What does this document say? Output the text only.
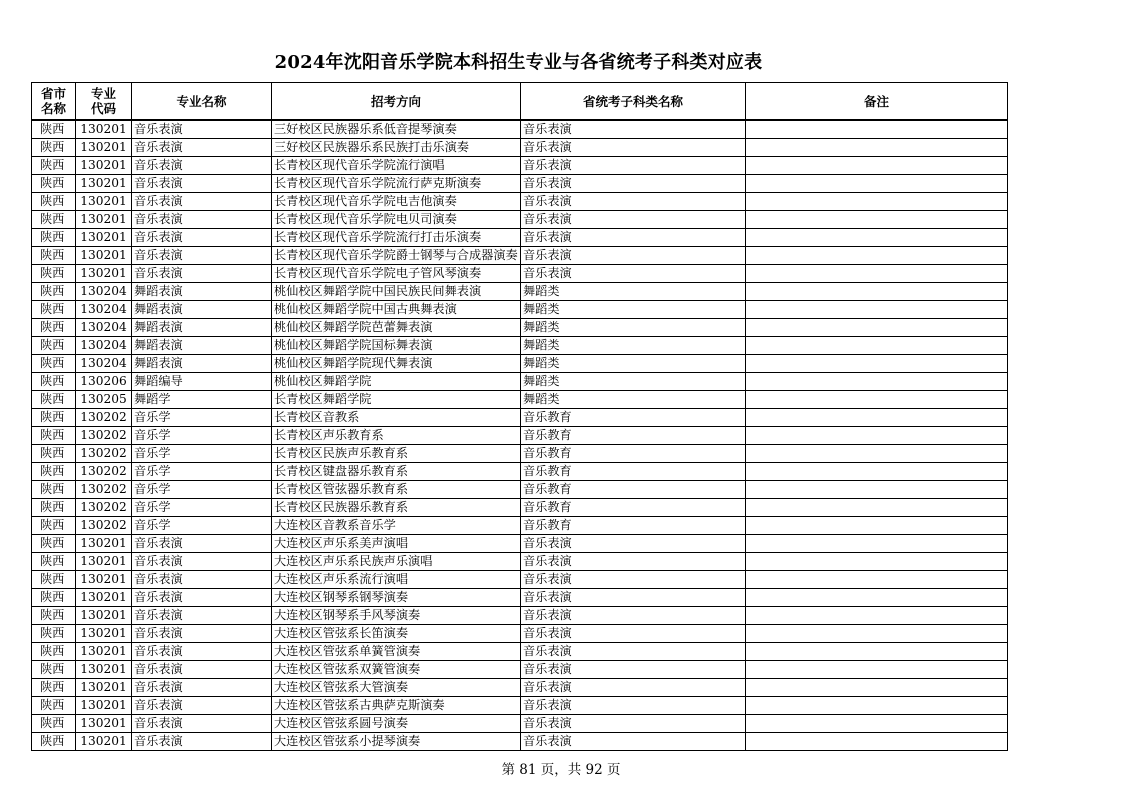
2024年沈阳音乐学院本科招生专业与各省统考子科类对应表
省市名称	专业代码	专业名称	招考方向	省统考子科类名称	备注
陕西	130201	音乐表演	三好校区民族器乐系低音提琴演奏	音乐表演	
陕西	130201	音乐表演	三好校区民族器乐系民族打击乐演奏	音乐表演	
陕西	130201	音乐表演	长青校区现代音乐学院流行演唱	音乐表演	
陕西	130201	音乐表演	长青校区现代音乐学院流行萨克斯演奏	音乐表演	
陕西	130201	音乐表演	长青校区现代音乐学院电吉他演奏	音乐表演	
陕西	130201	音乐表演	长青校区现代音乐学院电贝司演奏	音乐表演	
陕西	130201	音乐表演	长青校区现代音乐学院流行打击乐演奏	音乐表演	
陕西	130201	音乐表演	长青校区现代音乐学院爵士钢琴与合成器演奏	音乐表演	
陕西	130201	音乐表演	长青校区现代音乐学院电子管风琴演奏	音乐表演	
陕西	130204	舞蹈表演	桃仙校区舞蹈学院中国民族民间舞表演	舞蹈类	
陕西	130204	舞蹈表演	桃仙校区舞蹈学院中国古典舞表演	舞蹈类	
陕西	130204	舞蹈表演	桃仙校区舞蹈学院芭蕾舞表演	舞蹈类	
陕西	130204	舞蹈表演	桃仙校区舞蹈学院国标舞表演	舞蹈类	
陕西	130204	舞蹈表演	桃仙校区舞蹈学院现代舞表演	舞蹈类	
陕西	130206	舞蹈编导	桃仙校区舞蹈学院	舞蹈类	
陕西	130205	舞蹈学	长青校区舞蹈学院	舞蹈类	
陕西	130202	音乐学	长青校区音教系	音乐教育	
陕西	130202	音乐学	长青校区声乐教育系	音乐教育	
陕西	130202	音乐学	长青校区民族声乐教育系	音乐教育	
陕西	130202	音乐学	长青校区键盘器乐教育系	音乐教育	
陕西	130202	音乐学	长青校区管弦器乐教育系	音乐教育	
陕西	130202	音乐学	长青校区民族器乐教育系	音乐教育	
陕西	130202	音乐学	大连校区音教系音乐学	音乐教育	
陕西	130201	音乐表演	大连校区声乐系美声演唱	音乐表演	
陕西	130201	音乐表演	大连校区声乐系民族声乐演唱	音乐表演	
陕西	130201	音乐表演	大连校区声乐系流行演唱	音乐表演	
陕西	130201	音乐表演	大连校区钢琴系钢琴演奏	音乐表演	
陕西	130201	音乐表演	大连校区钢琴系手风琴演奏	音乐表演	
陕西	130201	音乐表演	大连校区管弦系长笛演奏	音乐表演	
陕西	130201	音乐表演	大连校区管弦系单簧管演奏	音乐表演	
陕西	130201	音乐表演	大连校区管弦系双簧管演奏	音乐表演	
陕西	130201	音乐表演	大连校区管弦系大管演奏	音乐表演	
陕西	130201	音乐表演	大连校区管弦系古典萨克斯演奏	音乐表演	
陕西	130201	音乐表演	大连校区管弦系圆号演奏	音乐表演	
陕西	130201	音乐表演	大连校区管弦系小提琴演奏	音乐表演	
第 81 页，共 92 页
